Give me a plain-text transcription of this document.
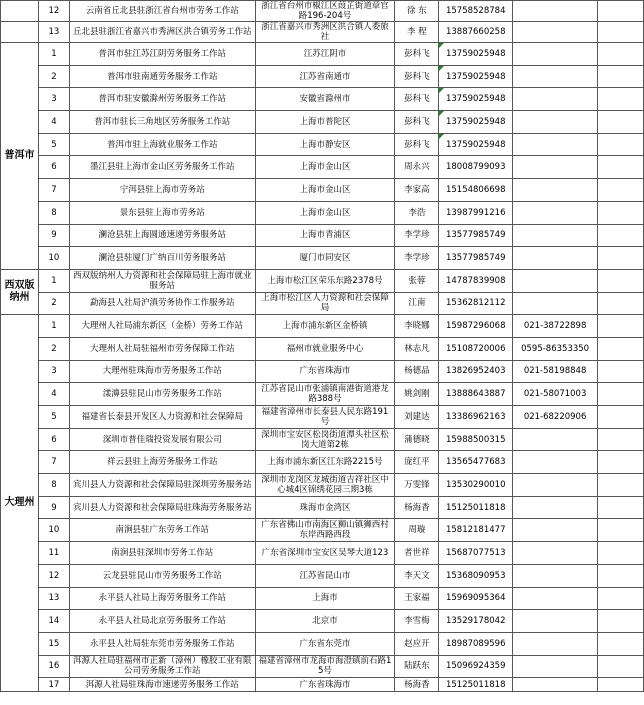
	12	云南省丘北县驻浙江省台州市劳务工作站	浙江省台州市椒江区葭芷街道章官路196-204号	徐 东	15758528784		
	13	丘北县驻浙江省嘉兴市秀洲区洪合镇劳务工作站	浙江省嘉兴市秀洲区洪合镇人委旅社	李 程	13887660258		
普洱市	1	普洱市驻江苏江阴劳务服务工作站	江苏江阴市	彭科飞	13759025948		
	2	普洱市驻南通劳务服务工作站	江苏省南通市	彭科飞	13759025948		
	3	普洱市驻安徽滁州劳务服务工作站	安徽省滁州市	彭科飞	13759025948		
	4	普洱市驻长三角地区劳务服务工作站	上海市普陀区	彭科飞	13759025948		
	5	普洱市驻上海就业服务工作站	上海市静安区	彭科飞	13759025948		
	6	墨江县驻上海市金山区劳务服务工作站	上海市金山区	周永兴	18008799093		
	7	宁洱县驻上海市劳务站	上海市金山区	李家高	15154806698		
	8	景东县驻上海市劳务站	上海市金山区	李浩	13987991216		
	9	澜沧县驻上海圆通速递劳务服务站	上海市青浦区	李学珍	13577985749		
	10	澜沧县驻厦门广纳百川劳务服务站	厦门市同安区	李学珍	13577985749		
西双版纳州	1	西双版纳州人力资源和社会保障局驻上海市就业服务站	上海市松江区荣乐东路2378号	张蓉	14787839908		
	2	勐海县人社局沪滇劳务协作工作服务站	上海市松江区人力资源和社会保障局	江南	15362812112		
大理州	1	大理州人社局浦东新区（金桥）劳务工作站	上海市浦东新区金桥镇	李晓娜	15987296068	021-38722898	
	2	大理州人社局驻福州市劳务保障工作站	福州市就业服务中心	林志凡	15108720006	0595-86353350	
	3	大理州驻珠海市劳务服务工作站	广东省珠海市	杨德品	13826952403	021-58198848	
	4	漾濞县驻昆山市劳务服务工作站	江苏省昆山市张浦镇南港街道港龙路388号	姚剑刚	13888643887	021-58071003	
	5	福建省长泰县开发区人力资源和社会保障局	福建省漳州市长泰县人民东路191号	刘建达	13386962163	021-68220906	
	6	深圳市普佳瑞投资发展有限公司	深圳市宝安区松岗街道潭头社区松岗大道第2栋	蒲德晓	15988500315		
	7	祥云县驻上海劳务服务工作站	上海市浦东新区江东路2215号	庞红平	13565477683		
	8	宾川县人力资源和社会保障局驻深圳劳务服务站	深圳市龙岗区龙城街道吉祥社区中心城4区锦绣花园三期3栋	万雯锋	13530290010		
	9	宾川县人力资源和社会保障局驻珠海劳务服务站	珠海市金湾区	杨海香	15125011818		
	10	南涧县驻广东劳务工作站	广东省佛山市南海区狮山镇狮西村东岸西路西段	周璇	15812181477		
	11	南涧县驻深圳市劳务工作站	广东省深圳市宝安区吴琴大道123	者世祥	15687077513		
	12	云龙县驻昆山市劳务服务工作站	江苏省昆山市	李天文	15368090953		
	13	永平县人社局上海劳务服务工作站	上海市	王家福	15969095364		
	14	永平县人社局北京劳务服务工作站	北京市	李雪梅	13529178042		
	15	永平县人社局驻东莞市劳务服务工作站	广东省东莞市	赵应开	18987089596		
	16	洱源人社局驻福州市正新（漳州）橡胶工业有限公司劳务服务工作站	福建省漳州市龙海市海澄镇前石路15号	陆跃东	15096924359		
	17	洱源人社局驻珠海市速递劳务服务工作站	广东省珠海市	杨海香	15125011818		
